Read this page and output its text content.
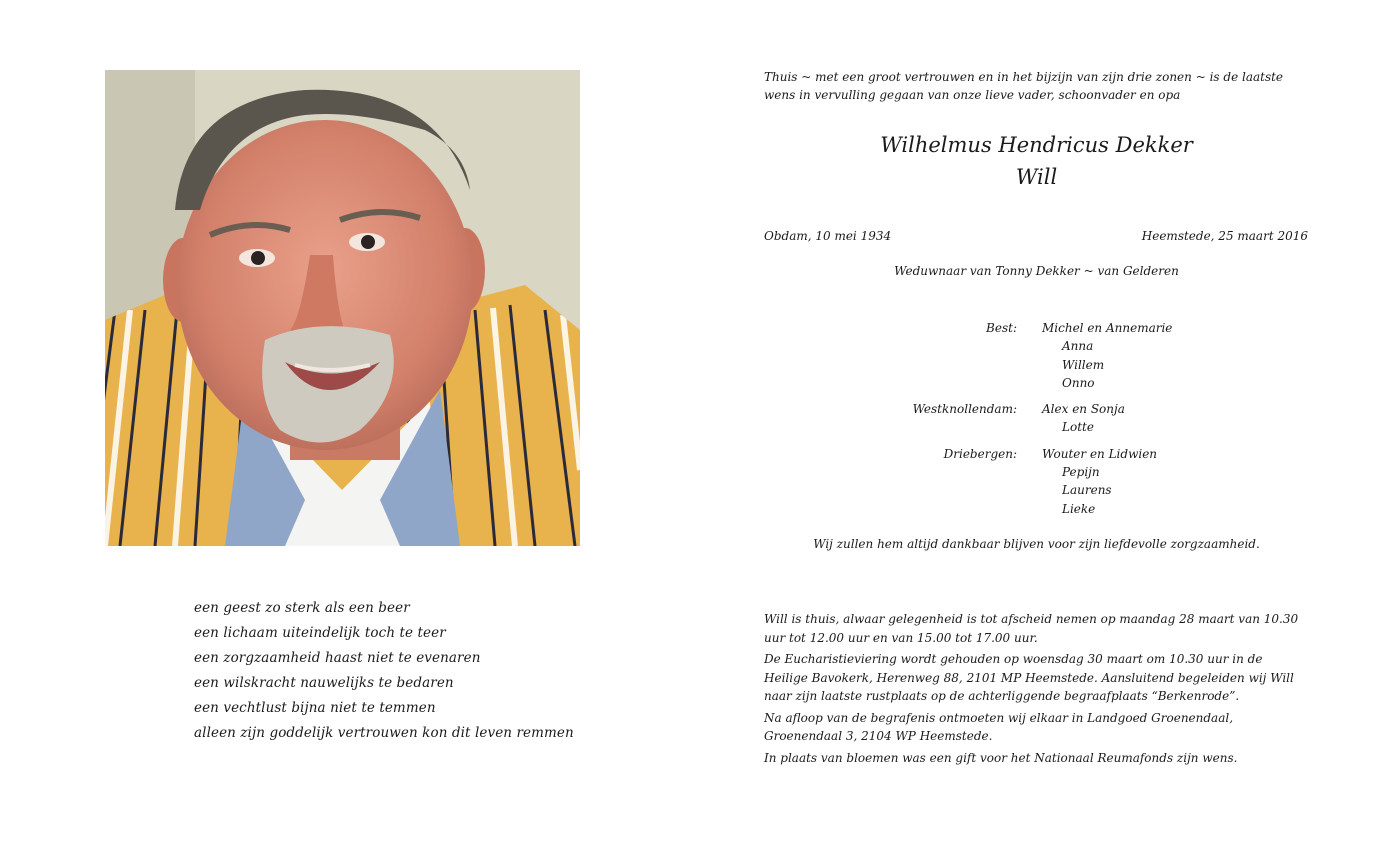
een geest zo sterk als een beer
een lichaam uiteindelijk toch te teer
een zorgzaamheid haast niet te evenaren
een wilskracht nauwelijks te bedaren
een vechtlust bijna niet te temmen
alleen zijn goddelijk vertrouwen kon dit leven remmen
Thuis ~ met een groot vertrouwen en in het bijzijn van zijn drie zonen ~ is de laatste wens in vervulling gegaan van onze lieve vader, schoonvader en opa
Wilhelmus Hendricus Dekker
Will
Obdam, 10 mei 1934	Heemstede, 25 maart 2016
Weduwnaar van Tonny Dekker ~ van Gelderen
Best:	Michel en Annemarie
Anna
Willem
Onno
Westknollendam:	Alex en Sonja
Lotte
Driebergen:	Wouter en Lidwien
Pepijn
Laurens
Lieke
Wij zullen hem altijd dankbaar blijven voor zijn liefdevolle zorgzaamheid.

Will is thuis, alwaar gelegenheid is tot afscheid nemen op maandag 28 maart van 10.30 uur tot 12.00 uur en van 15.00 tot 17.00 uur.

De Eucharistieviering wordt gehouden op woensdag 30 maart om 10.30 uur in de Heilige Bavokerk, Herenweg 88, 2101 MP Heemstede. Aansluitend begeleiden wij Will naar zijn laatste rustplaats op de achterliggende begraafplaats “Berkenrode”.

Na afloop van de begrafenis ontmoeten wij elkaar in Landgoed Groenendaal, Groenendaal 3, 2104 WP Heemstede.

In plaats van bloemen was een gift voor het Nationaal Reumafonds zijn wens.
